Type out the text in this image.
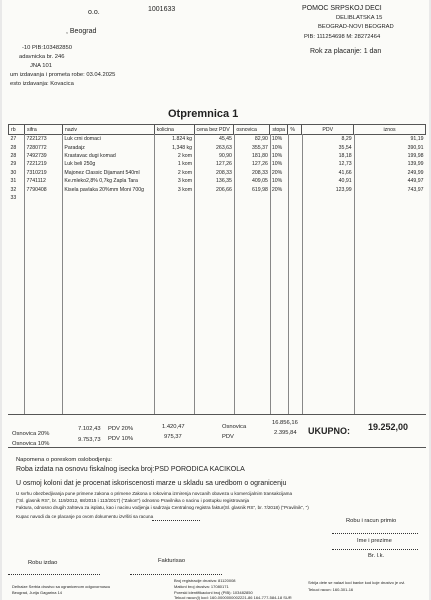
o.o.
, Beograd
-10 PIB:103482850
adavnicka br. 246
JNA 101
um izdavanja i prometa robe: 03.04.2025
esto izdavanja: Kovacica
1001633	POMOC SRPSKOJ DECI
DELIBLATSKA 15
BEOGRAD-NOVI BEOGRAD
PIB: 111254698 M: 28272464
Rok za placanje: 1 dan
Otpremnica 1
rb	sifra	naziv	kolicina	cena bez PDV	osnovica	stopa	%	PDV	iznos
27	7221273	Luk crni domaci	1.824 kg	45,45	82,90	10%		8,29	91,19
28	7280772	Paradajz	1,348 kg	263,63	355,37	10%		35,54	390,91
28	7492739	Krastavac dugi komad	2 kom	90,90	181,80	10%		18,18	199,98
29	7221219	Luk beli 250g	1 kom	127,26	127,26	10%		12,73	139,99
30	7310219	Majonez Classic Dijamant 540ml	2 kom	208,33	208,33	20%		41,66	249,99
31	7741112	Ke.mleko2,8% 0,7kg Zapla Tara	3 kom	136,35	409,05	10%		40,91	449,97
32	7790408	Kisela pavlaka 20%mm Moni 700g	3 kom	206,66	619,98	20%		123,99	743,97
33									
Osnovica 20%
7.102,43 PDV 20%	1.420,47
Osnovica 10%
9.753,73 PDV 10%	975,37
Osnovica
16.856,16
PDV
2.395,84 UKUPNO: 19.252,00
Napomena o poreskom oslobodjenju:
Roba izdata na osnovu fiskalnog isecka broj:PSD PORODICA KACIKOLA
U osmoj koloni dat je procenat iskoriscenosti marze u skladu sa uredbom o ogranicenju
U svrhu obezbedjivanja pune primene zakona o primene Zakona o rokovima izmirenja novcanih obaveza u komercijalnim transakcijama
("Sl. glasnik RS", br. 119/2012, 68/2015 i 113/2017) ("Zakon") odnosno Pravilnika o nacinu i postupku registrovanja
Faktura, odnosno drugih zahteva za isplatu, kao i nacinu vodjenja i sadrzaju Centralnog registra faktur(Sl. glasnik RS", br. 7/2018) ("Pravilnik", ")
Kupac navodi da ce placanje po ovom dokumentu izvršiti sa racuna
Robu i racun primio
Ime i prezime
Br. l.k.
Robu izdao	Fakturisao
Delhaize Serbia drustvo sa ogranicenom odgovornoscu
Beograd, Jurija Gagarina 14
Broj registracije drustva: 81120008
Maticni broj drustva: 17080171
Poreski identifikacioni broj (PIB): 103482850
Tekuci racun(i) kod: 160-0000000002221-86 164-777-584-18 SUR
Srbija dete se nalazi kod banke kod koje drustvo je ovl.
Tekuci racun: 160-301-16
